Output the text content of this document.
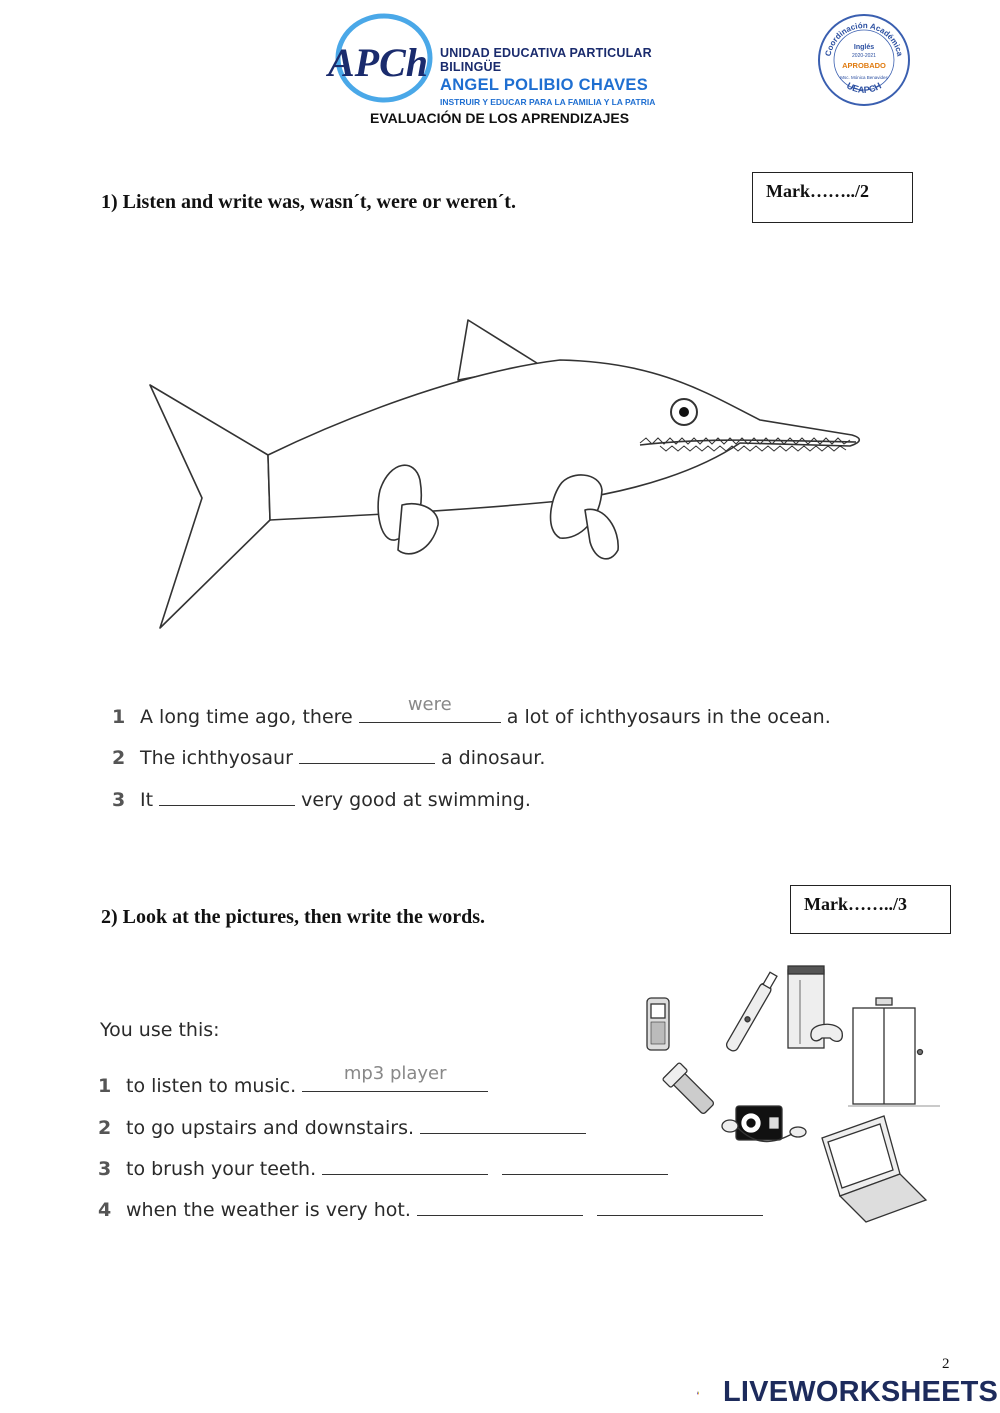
APCh UNIDAD EDUCATIVA PARTICULAR BILINGÜE
ANGEL POLIBIO CHAVES
INSTRUIR Y EDUCAR PARA LA FAMILIA Y LA PATRIA
EVALUACIÓN DE LOS APRENDIZAJES
Coordinación Académica
Inglés
2020-2021
APROBADO
Msc. Mónica Benavides
UEAPCH
1) Listen and write was, wasn´t, were or weren´t.	Mark……../2
1 A long time ago, there
were
a lot of ichthyosaurs in the ocean.
2 The ichthyosaur	a dinosaur.
3 It	very good at swimming.
2) Look at the pictures, then write the words.
Mark……../3
You use this:
1 to listen to music.
mp3 player
2 to go upstairs and downstairs.
3 to brush your teeth.
4 when the weather is very hot.
2
LIVEWORKSHEETS
